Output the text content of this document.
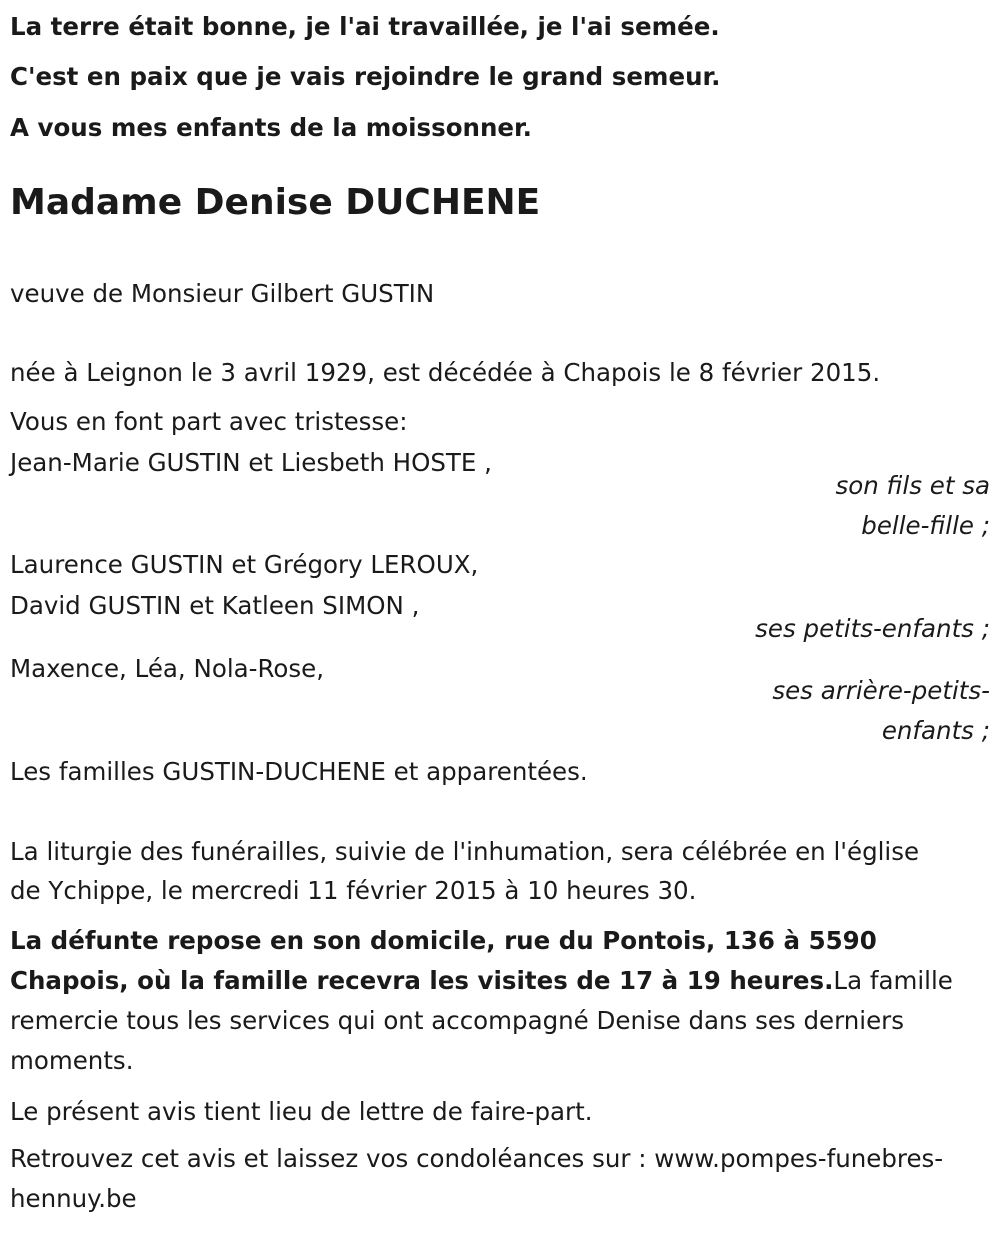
La terre était bonne, je l'ai travaillée, je l'ai semée.

C'est en paix que je vais rejoindre le grand semeur.

A vous mes enfants de la moissonner.

Madame Denise DUCHENE

veuve de Monsieur Gilbert GUSTIN

née à Leignon le 3 avril 1929, est décédée à Chapois le 8 février 2015.

Vous en font part avec tristesse:

Jean-Marie GUSTIN et Liesbeth HOSTE ,

son fils et sa

belle-fille ;

Laurence GUSTIN et Grégory LEROUX,

David GUSTIN et Katleen SIMON ,

ses petits-enfants ;

Maxence, Léa, Nola-Rose,

ses arrière-petits-

enfants ;

Les familles GUSTIN-DUCHENE et apparentées.

La liturgie des funérailles, suivie de l'inhumation, sera célébrée en l'église

de Ychippe, le mercredi 11 février 2015 à 10 heures 30.

La défunte repose en son domicile, rue du Pontois, 136 à 5590 Chapois, où la famille recevra les visites de 17 à 19 heures.La famille remercie tous les services qui ont accompagné Denise dans ses derniers moments.

Le présent avis tient lieu de lettre de faire-part.

Retrouvez cet avis et laissez vos condoléances sur : www.pompes-funebres-hennuy.be
